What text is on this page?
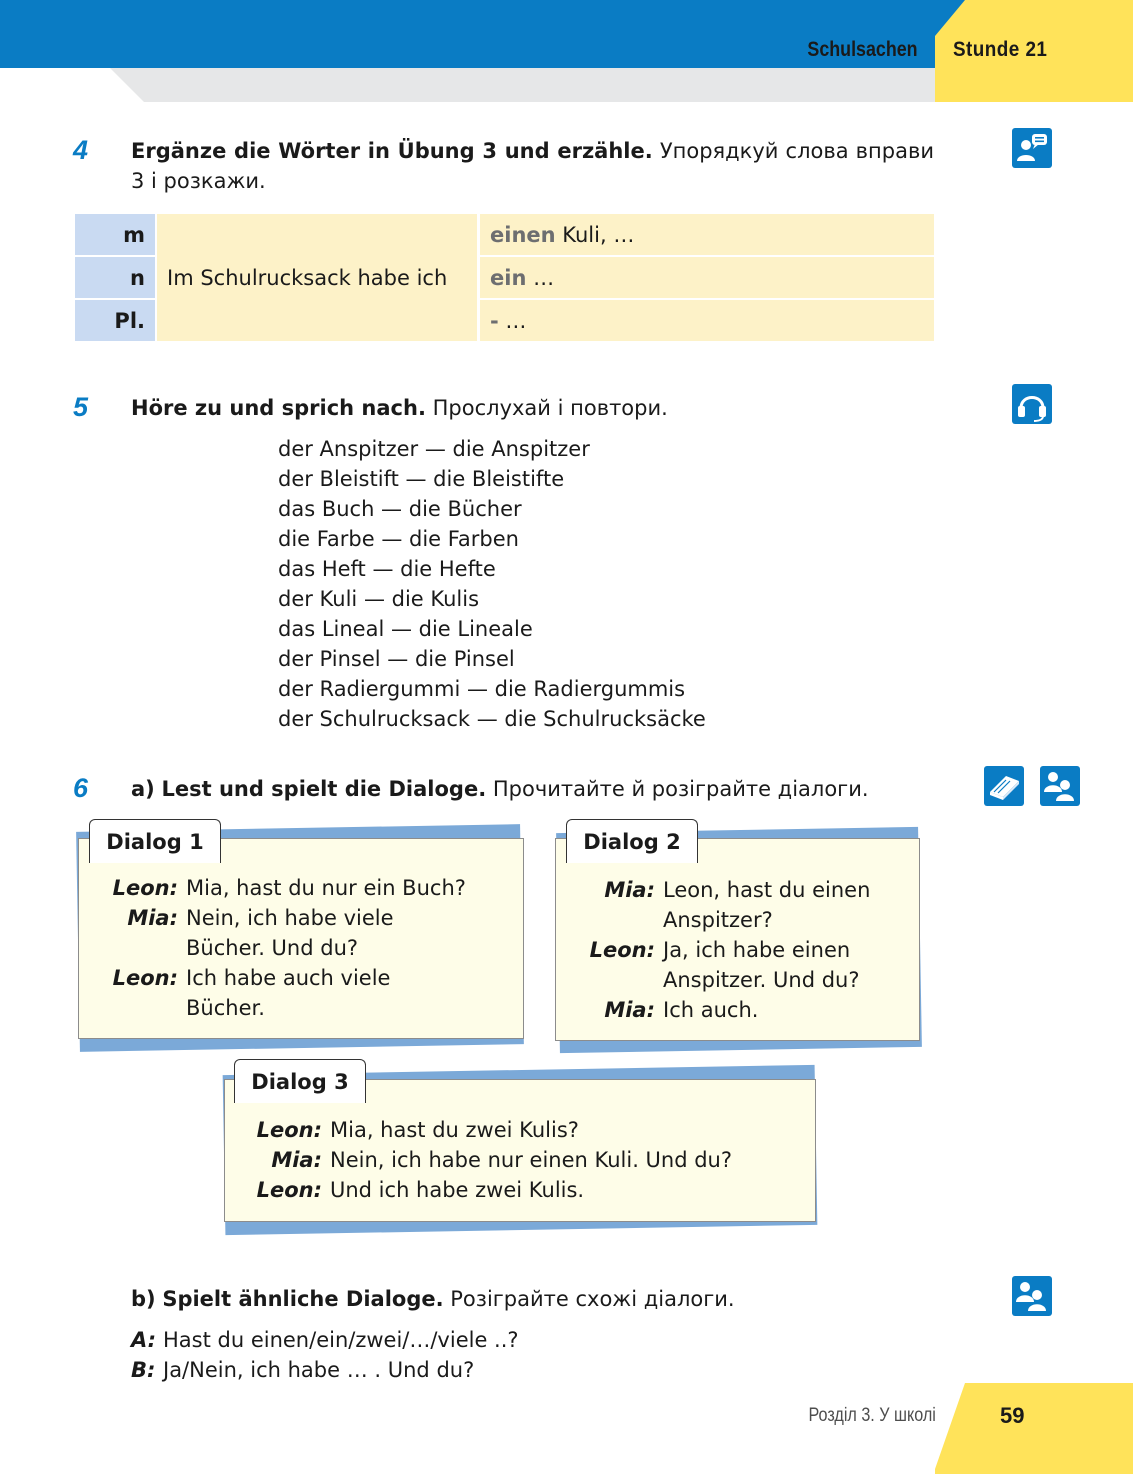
Schulsachen Stunde 21
4 Ergänze die Wörter in Übung 3 und erzähle. Упорядкуй слова вправи 3 і розкажи.
m
n
Pl.
Im Schulrucksack habe ich
einen Kuli, …
ein …
- …
5 Höre zu und sprich nach. Прослухай і повтори.
der Anspitzer — die Anspitzer
der Bleistift — die Bleistifte
das Buch — die Bücher
die Farbe — die Farben
das Heft — die Hefte
der Kuli — die Kulis
das Lineal — die Lineale
der Pinsel — die Pinsel
der Radiergummi — die Radiergummis
der Schulrucksack — die Schulrucksäcke
6 a) Lest und spielt die Dialoge. Прочитайте й розіграйте діалоги.
Dialog 1
Leon: Mia, hast du nur ein Buch?
Mia: Nein, ich habe viele
Bücher. Und du?
Leon: Ich habe auch viele
Bücher.
Dialog 2
Mia: Leon, hast du einen
Anspitzer?
Leon: Ja, ich habe einen
Anspitzer. Und du?
Mia: Ich auch.
Dialog 3
Leon: Mia, hast du zwei Kulis?
Mia: Nein, ich habe nur einen Kuli. Und du?
Leon: Und ich habe zwei Kulis.
b) Spielt ähnliche Dialoge. Розіграйте схожі діалоги.
A: Hast du einen/ein/zwei/…/viele ..?
B: Ja/Nein, ich habe … . Und du?
Розділ 3. У школі	59
